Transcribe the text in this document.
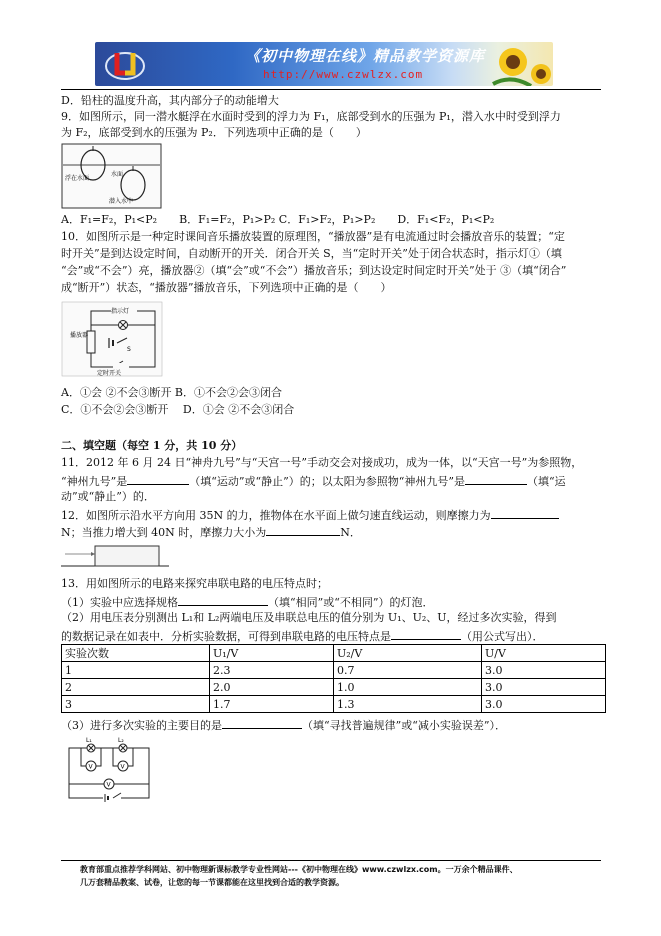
《初中物理在线》精品教学资源库
http://www.czwlzx.com
D．铅柱的温度升高，其内部分子的动能增大
9．如图所示，同一潜水艇浮在水面时受到的浮力为 F₁，底部受到水的压强为 P₁，潜入水中时受到浮力
为 F₂，底部受到水的压强为 P₂．下列选项中正确的是（　　）
浮在水面
水面
潜入水中
A．F₁=F₂，P₁<P₂　　B．F₁=F₂，P₁>P₂ C．F₁>F₂，P₁>P₂　　D．F₁<F₂，P₁<P₂
10．如图所示是一种定时课间音乐播放装置的原理图，“播放器”是有电流通过时会播放音乐的装置；“定
时开关”是到达设定时间，自动断开的开关．闭合开关 S，当“定时开关”处于闭合状态时，指示灯①（填
“会”或“不会”）亮，播放器②（填“会”或“不会”）播放音乐；到达设定时间定时开关”处于 ③（填“闭合”
成“断开”）状态，“播放器”播放音乐，下列选项中正确的是（　　）
指示灯
播放器
S
定时开关
A．①会 ②不会③断开 B．①不会②会③闭合
C．①不会②会③断开　 D．①会 ②不会③闭合
二、填空题（每空 1 分，共 10 分）
11．2012 年 6 月 24 日“神舟九号”与“天宫一号”手动交会对接成功，成为一体，以“天宫一号”为参照物，
“神州九号”是	（填“运动”或“静止”）的；以太阳为参照物“神州九号”是	（填“运
动”或“静止”）的．
12．如图所示沿水平方向用 35N 的力，推物体在水平面上做匀速直线运动，则摩擦力为
N；当推力增大到 40N 时，摩擦力大小为	N．
13．用如图所示的电路来探究串联电路的电压特点时；
（1）实验中应选择规格	（填“相同”或“不相同”）的灯泡．
（2）用电压表分别测出 L₁和 L₂两端电压及串联总电压的值分别为 U₁、U₂、U，经过多次实验，得到
的数据记录在如表中．分析实验数据，可得到串联电路的电压特点是	（用公式写出）．
实验次数	U₁/V	U₂/V	U/V
1	2.3	0.7	3.0
2	2.0	1.0	3.0
3	1.7	1.3	3.0
（3）进行多次实验的主要目的是	（填“寻找普遍规律”或“减小实验误差”）．
L₁	L₂
V	V
V
教育部重点推荐学科网站、初中物理新课标教学专业性网站---《初中物理在线》www.czwlzx.com。一万余个精品课件、
几万套精品教案、试卷，让您的每一节课都能在这里找到合适的教学资源。
